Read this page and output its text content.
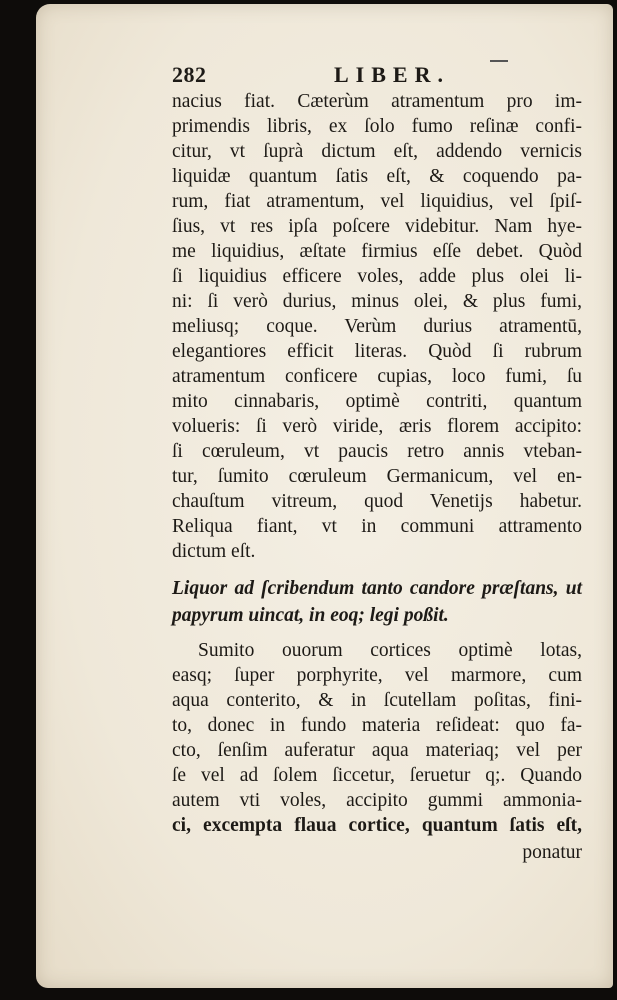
282	LIBER.
nacius fiat. Cæterùm atramentum pro im-
primendis libris, ex ſolo fumo reſinæ confi-
citur, vt ſuprà dictum eſt, addendo vernicis
liquidæ quantum ſatis eſt, & coquendo pa-
rum, fiat atramentum, vel liquidius, vel ſpiſ-
ſius, vt res ipſa poſcere videbitur. Nam hye-
me liquidius, æſtate firmius eſſe debet. Quòd
ſi liquidius efficere voles, adde plus olei li-
ni: ſi verò durius, minus olei, & plus fumi,
meliusq; coque. Verùm durius atramentū,
elegantiores efficit literas. Quòd ſi rubrum
atramentum conficere cupias, loco fumi, ſu
mito cinnabaris, optimè contriti, quantum
volueris: ſi verò viride, æris florem accipito:
ſi cœruleum, vt paucis retro annis vteban-
tur, ſumito cœruleum Germanicum, vel en-
chauſtum vitreum, quod Venetijs habetur.
Reliqua fiant, vt in communi attramento
dictum eſt.
Liquor ad ſcribendum tanto candore præſtans, ut
papyrum uincat, in eoq; legi poßit.
Sumito ouorum cortices optimè lotas,
easq; ſuper porphyrite, vel marmore, cum
aqua conterito, & in ſcutellam poſitas, fini-
to, donec in fundo materia reſideat: quo fa-
cto, ſenſim auferatur aqua materiaq; vel per
ſe vel ad ſolem ſiccetur, ſeruetur q;. Quando
autem vti voles, accipito gummi ammonia-
ci, excempta flaua cortice, quantum ſatis eſt,
ponatur
